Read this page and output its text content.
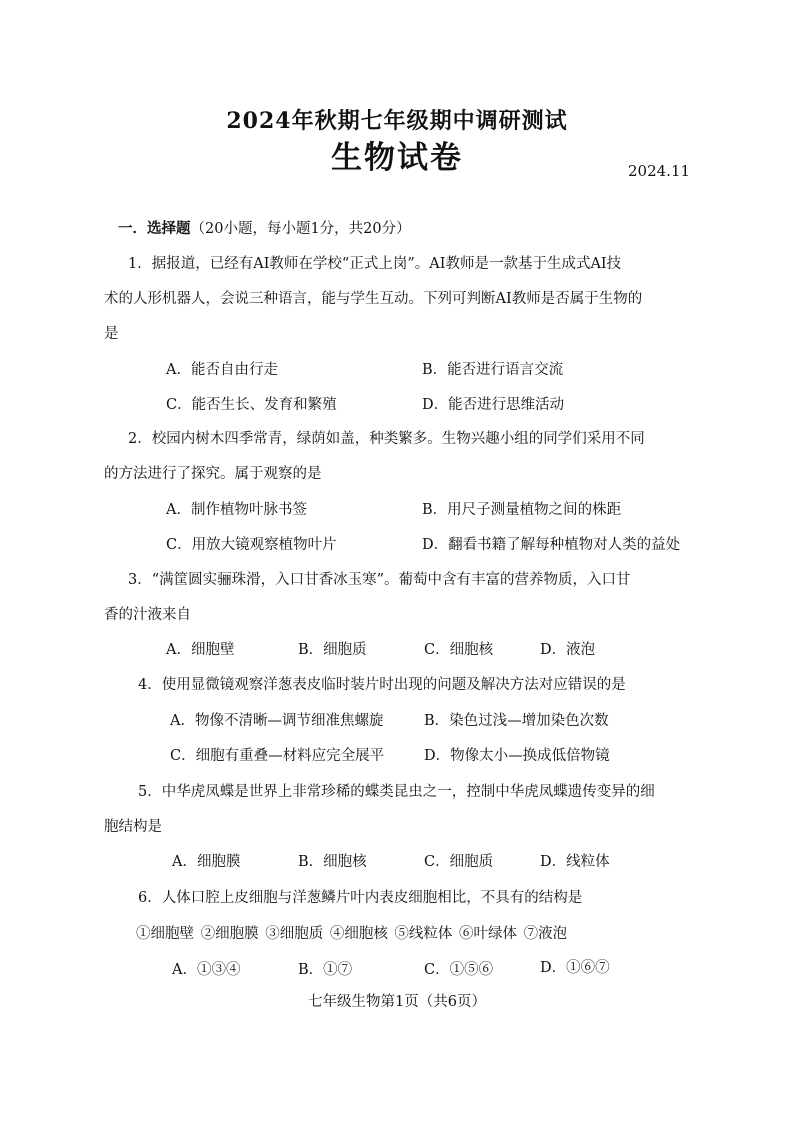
2024年秋期七年级期中调研测试
生物试卷	2024.11
一．选择题（20小题，每小题1分，共20分）
1．据报道，已经有AI教师在学校“正式上岗”。AI教师是一款基于生成式AI技
术的人形机器人，会说三种语言，能与学生互动。下列可判断AI教师是否属于生物的
是
A．能否自由行走	B．能否进行语言交流
C．能否生长、发育和繁殖	D．能否进行思维活动
2．校园内树木四季常青，绿荫如盖，种类繁多。生物兴趣小组的同学们采用不同
的方法进行了探究。属于观察的是
A．制作植物叶脉书签	B．用尺子测量植物之间的株距
C．用放大镜观察植物叶片	D．翻看书籍了解每种植物对人类的益处
3．“满筐圆实骊珠滑，入口甘香冰玉寒”。葡萄中含有丰富的营养物质，入口甘
香的汁液来自
A．细胞壁	B．细胞质	C．细胞核	D．液泡
4．使用显微镜观察洋葱表皮临时装片时出现的问题及解决方法对应错误的是
A．物像不清晰—调节细准焦螺旋	B．染色过浅—增加染色次数
C．细胞有重叠—材料应完全展平	D．物像太小—换成低倍物镜
5．中华虎凤蝶是世界上非常珍稀的蝶类昆虫之一，控制中华虎凤蝶遗传变异的细
胞结构是
A．细胞膜	B．细胞核	C．细胞质	D．线粒体
6．人体口腔上皮细胞与洋葱鳞片叶内表皮细胞相比，不具有的结构是
①细胞壁 ②细胞膜 ③细胞质 ④细胞核 ⑤线粒体 ⑥叶绿体 ⑦液泡
A．①③④	B．①⑦	C．①⑤⑥	D．①⑥⑦
七年级生物第1页（共6页）
